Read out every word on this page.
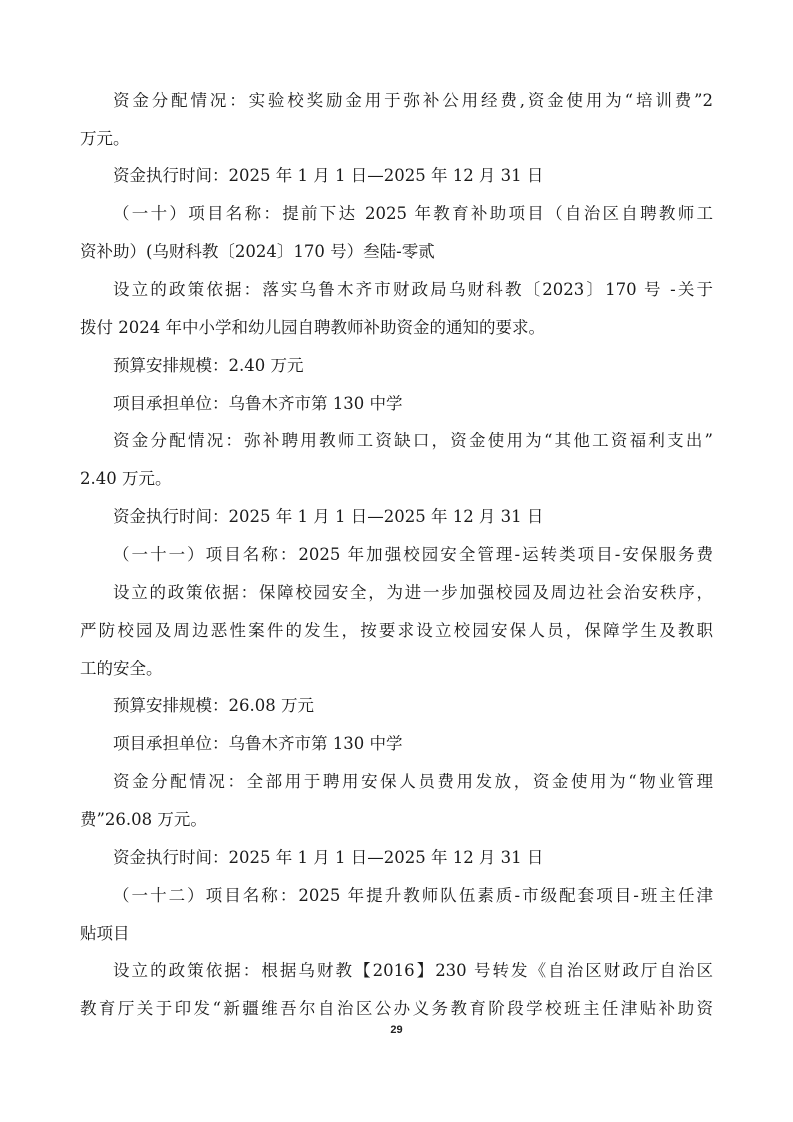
资金分配情况：实验校奖励金用于弥补公用经费,资金使用为“培训费”2
万元。
资金执行时间：2025 年 1 月 1 日—2025 年 12 月 31 日
（一十）项目名称：提前下达 2025 年教育补助项目（自治区自聘教师工
资补助）(乌财科教〔2024〕170 号）叁陆-零贰
设立的政策依据：落实乌鲁木齐市财政局乌财科教〔2023〕170 号 -关于
拨付 2024 年中小学和幼儿园自聘教师补助资金的通知的要求。
预算安排规模：2.40 万元
项目承担单位：乌鲁木齐市第 130 中学
资金分配情况：弥补聘用教师工资缺口，资金使用为“其他工资福利支出”
2.40 万元。
资金执行时间：2025 年 1 月 1 日—2025 年 12 月 31 日
（一十一）项目名称：2025 年加强校园安全管理-运转类项目-安保服务费
设立的政策依据：保障校园安全，为进一步加强校园及周边社会治安秩序，
严防校园及周边恶性案件的发生，按要求设立校园安保人员，保障学生及教职
工的安全。
预算安排规模：26.08 万元
项目承担单位：乌鲁木齐市第 130 中学
资金分配情况：全部用于聘用安保人员费用发放，资金使用为“物业管理
费”26.08 万元。
资金执行时间：2025 年 1 月 1 日—2025 年 12 月 31 日
（一十二）项目名称：2025 年提升教师队伍素质-市级配套项目-班主任津
贴项目
设立的政策依据：根据乌财教【2016】230 号转发《自治区财政厅自治区
教育厅关于印发“新疆维吾尔自治区公办义务教育阶段学校班主任津贴补助资
29
